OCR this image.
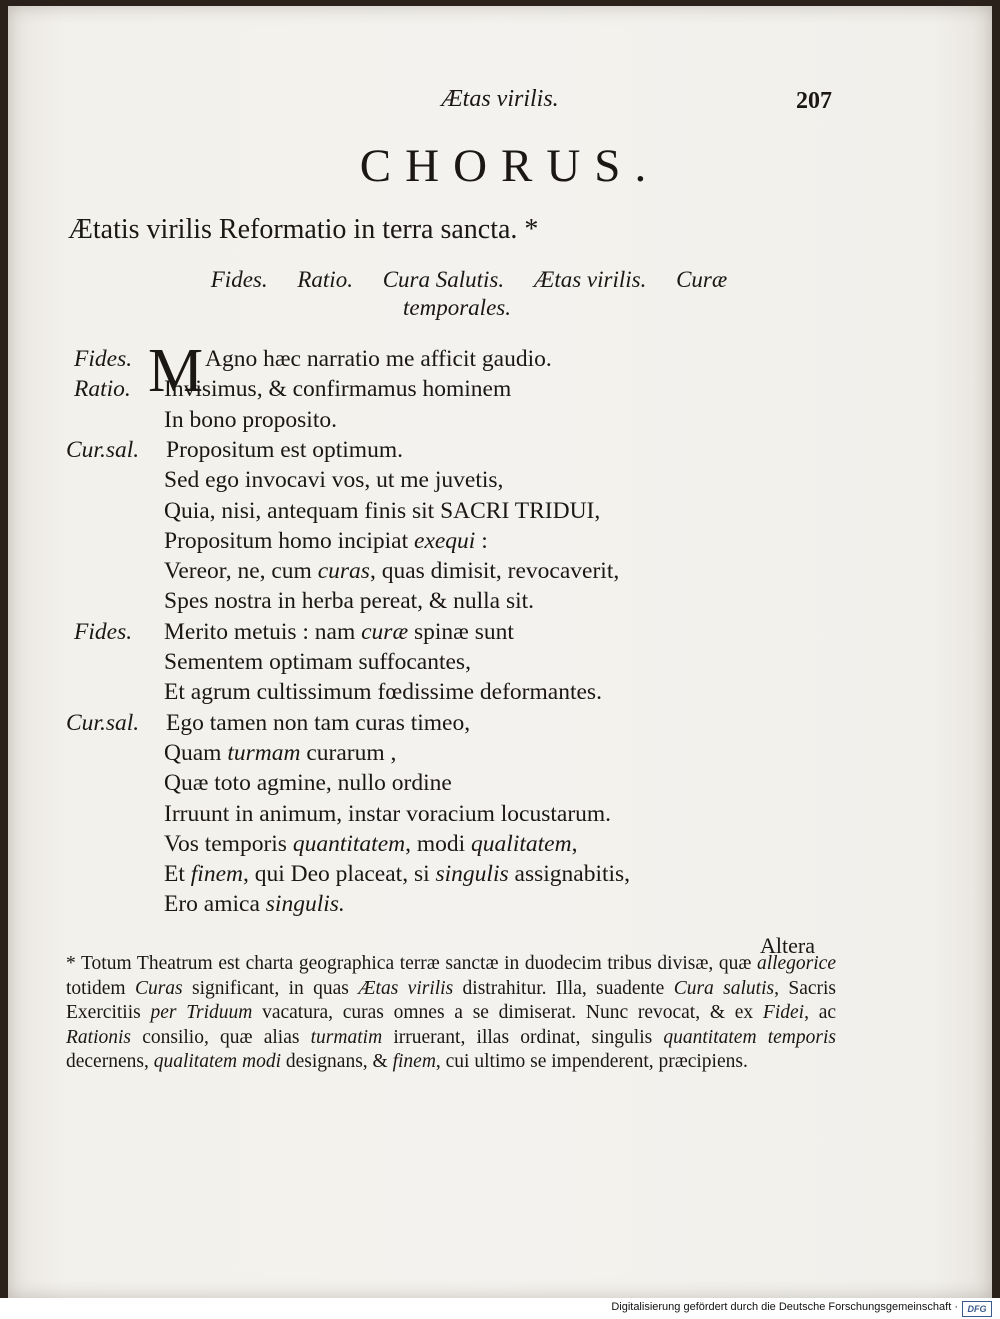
Ætas virilis.	207
CHORUS.
Ætatis virilis Reformatio in terra sancta. *
Fides. Ratio. Cura Salutis. Ætas virilis. Curæ temporales.
Fides. M Agno hæc narratio me afficit gaudio.
Ratio.	Invisimus, & confirmamus hominem
In bono proposito.
Cur.sal.	Propositum est optimum.
Sed ego invocavi vos, ut me juvetis,
Quia, nisi, antequam finis sit SACRI TRIDUI,
Propositum homo incipiat exequi :
Vereor, ne, cum curas, quas dimisit, revocaverit,
Spes nostra in herba pereat, & nulla sit.
Fides.	Merito metuis : nam curæ spinæ sunt
Sementem optimam suffocantes,
Et agrum cultissimum fœdissime deformantes.
Cur.sal.	Ego tamen non tam curas timeo,
Quam turmam curarum ,
Quæ toto agmine, nullo ordine
Irruunt in animum, instar voracium locustarum.
Vos temporis quantitatem, modi qualitatem,
Et finem, qui Deo placeat, si singulis assignabitis,
Ero amica singulis.
Altera
* Totum Theatrum est charta geographica terræ sanctæ in duodecim tribus divisæ, quæ allegorice totidem Curas significant, in quas Ætas virilis distrahitur. Illa, suadente Cura salutis, Sacris Exercitiis per Triduum vacatura, curas omnes a se dimiserat. Nunc revocat, & ex Fidei, ac Rationis consilio, quæ alias turmatim irruerant, illas ordinat, singulis quantitatem temporis decernens, qualitatem modi designans, & finem, cui ultimo se impenderent, præcipiens.
Digitalisierung gefördert durch die Deutsche Forschungsgemeinschaft ·	DFG
